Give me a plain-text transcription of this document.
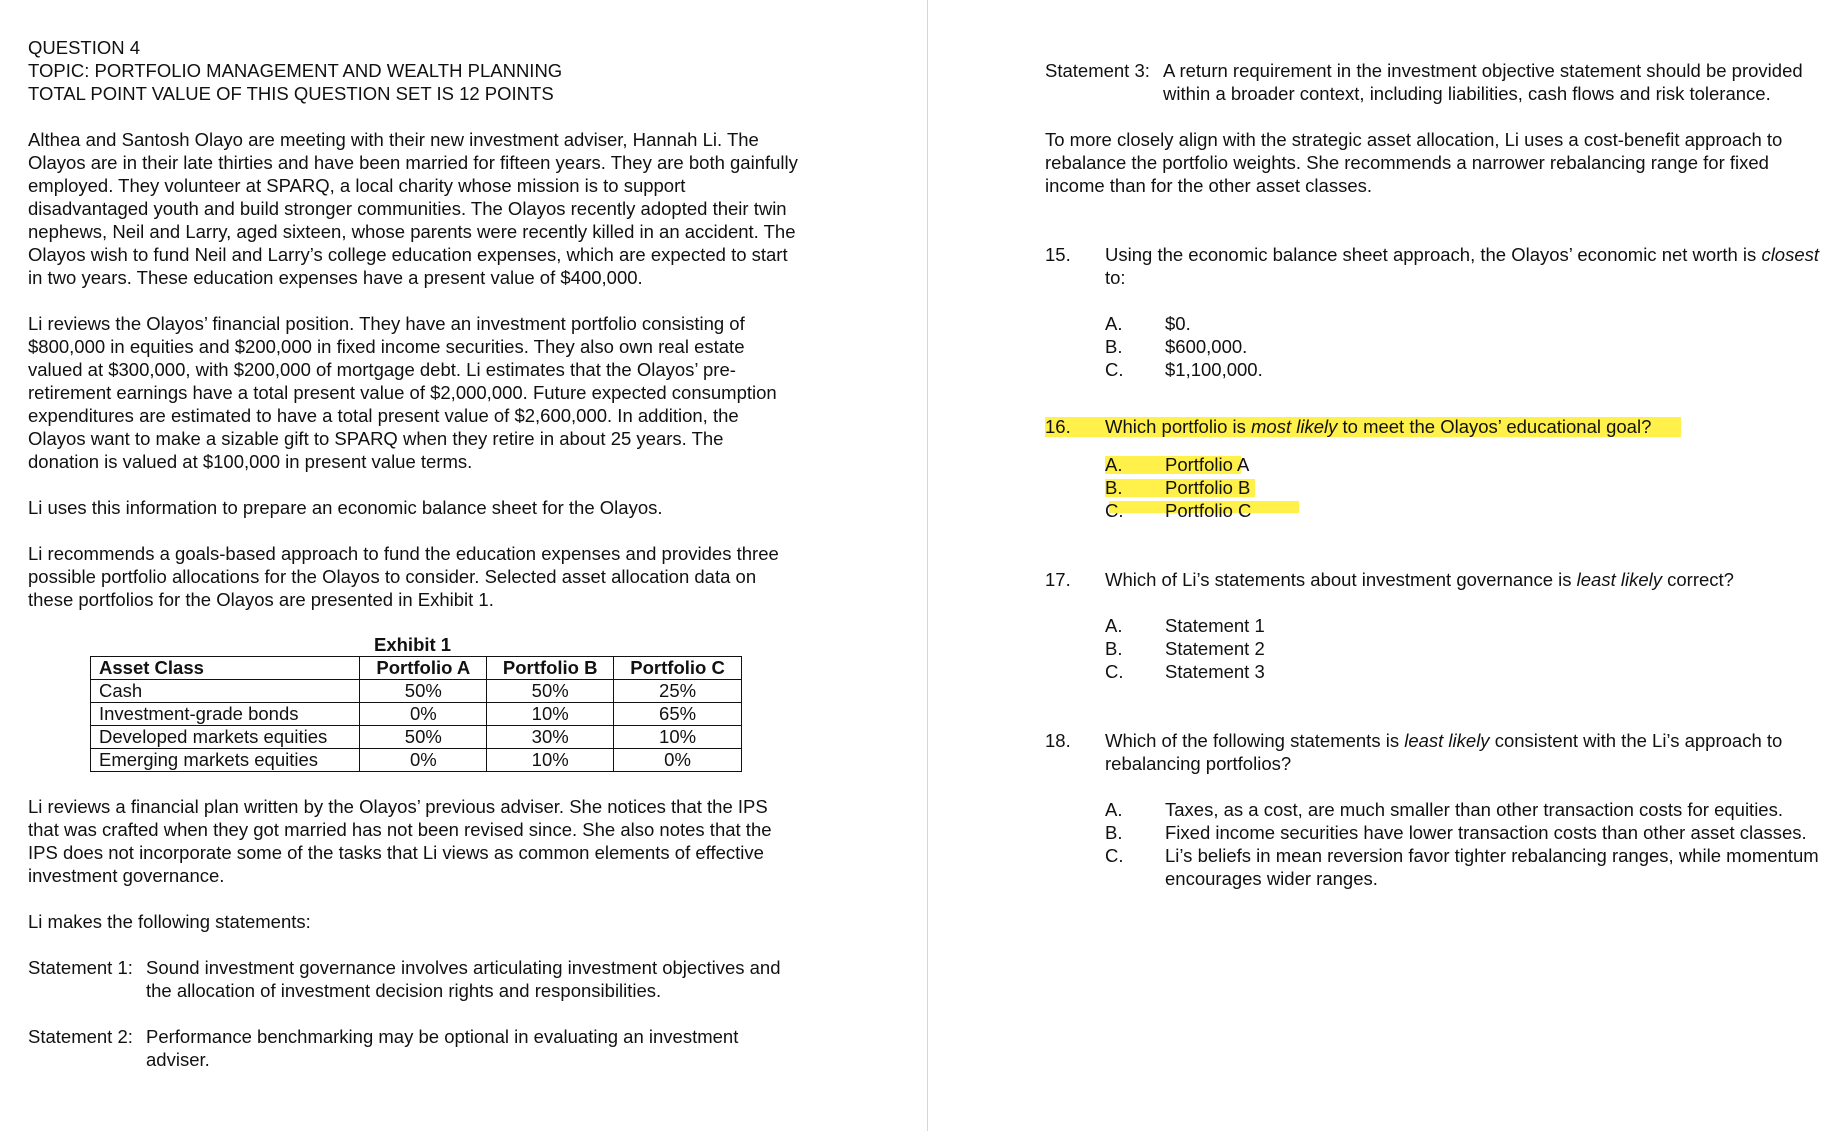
QUESTION 4
TOPIC: PORTFOLIO MANAGEMENT AND WEALTH PLANNING
TOTAL POINT VALUE OF THIS QUESTION SET IS 12 POINTS

Althea and Santosh Olayo are meeting with their new investment adviser, Hannah Li. The Olayos are in their late thirties and have been married for fifteen years. They are both gainfully employed. They volunteer at SPARQ, a local charity whose mission is to support disadvantaged youth and build stronger communities. The Olayos recently adopted their twin nephews, Neil and Larry, aged sixteen, whose parents were recently killed in an accident. The Olayos wish to fund Neil and Larry’s college education expenses, which are expected to start in two years. These education expenses have a present value of $400,000.

Li reviews the Olayos’ financial position. They have an investment portfolio consisting of $800,000 in equities and $200,000 in fixed income securities. They also own real estate valued at $300,000, with $200,000 of mortgage debt. Li estimates that the Olayos’ pre-retirement earnings have a total present value of $2,000,000. Future expected consumption expenditures are estimated to have a total present value of $2,600,000. In addition, the Olayos want to make a sizable gift to SPARQ when they retire in about 25 years. The donation is valued at $100,000 in present value terms.

Li uses this information to prepare an economic balance sheet for the Olayos.

Li recommends a goals-based approach to fund the education expenses and provides three possible portfolio allocations for the Olayos to consider. Selected asset allocation data on these portfolios for the Olayos are presented in Exhibit 1.

Exhibit 1
Asset Class	Portfolio A	Portfolio B	Portfolio C
Cash	50%	50%	25%
Investment-grade bonds	0%	10%	65%
Developed markets equities	50%	30%	10%
Emerging markets equities	0%	10%	0%

Li reviews a financial plan written by the Olayos’ previous adviser. She notices that the IPS that was crafted when they got married has not been revised since. She also notes that the IPS does not incorporate some of the tasks that Li views as common elements of effective investment governance.

Li makes the following statements:

Statement 1: Sound investment governance involves articulating investment objectives and the allocation of investment decision rights and responsibilities.
Statement 2: Performance benchmarking may be optional in evaluating an investment adviser.
Statement 3: A return requirement in the investment objective statement should be provided within a broader context, including liabilities, cash flows and risk tolerance.

To more closely align with the strategic asset allocation, Li uses a cost-benefit approach to rebalance the portfolio weights. She recommends a narrower rebalancing range for fixed income than for the other asset classes.

15.	Using the economic balance sheet approach, the Olayos’ economic net worth is closest to:
A.	$0.
B.	$600,000.
C.	$1,100,000.
16.	Which portfolio is most likely to meet the Olayos’ educational goal?
A.	Portfolio A
B.	Portfolio B
C.	Portfolio C
17.	Which of Li’s statements about investment governance is least likely correct?
A.	Statement 1
B.	Statement 2
C.	Statement 3
18.	Which of the following statements is least likely consistent with the Li’s approach to rebalancing portfolios?
A.	Taxes, as a cost, are much smaller than other transaction costs for equities.
B.	Fixed income securities have lower transaction costs than other asset classes.
C.	Li’s beliefs in mean reversion favor tighter rebalancing ranges, while momentum encourages wider ranges.
